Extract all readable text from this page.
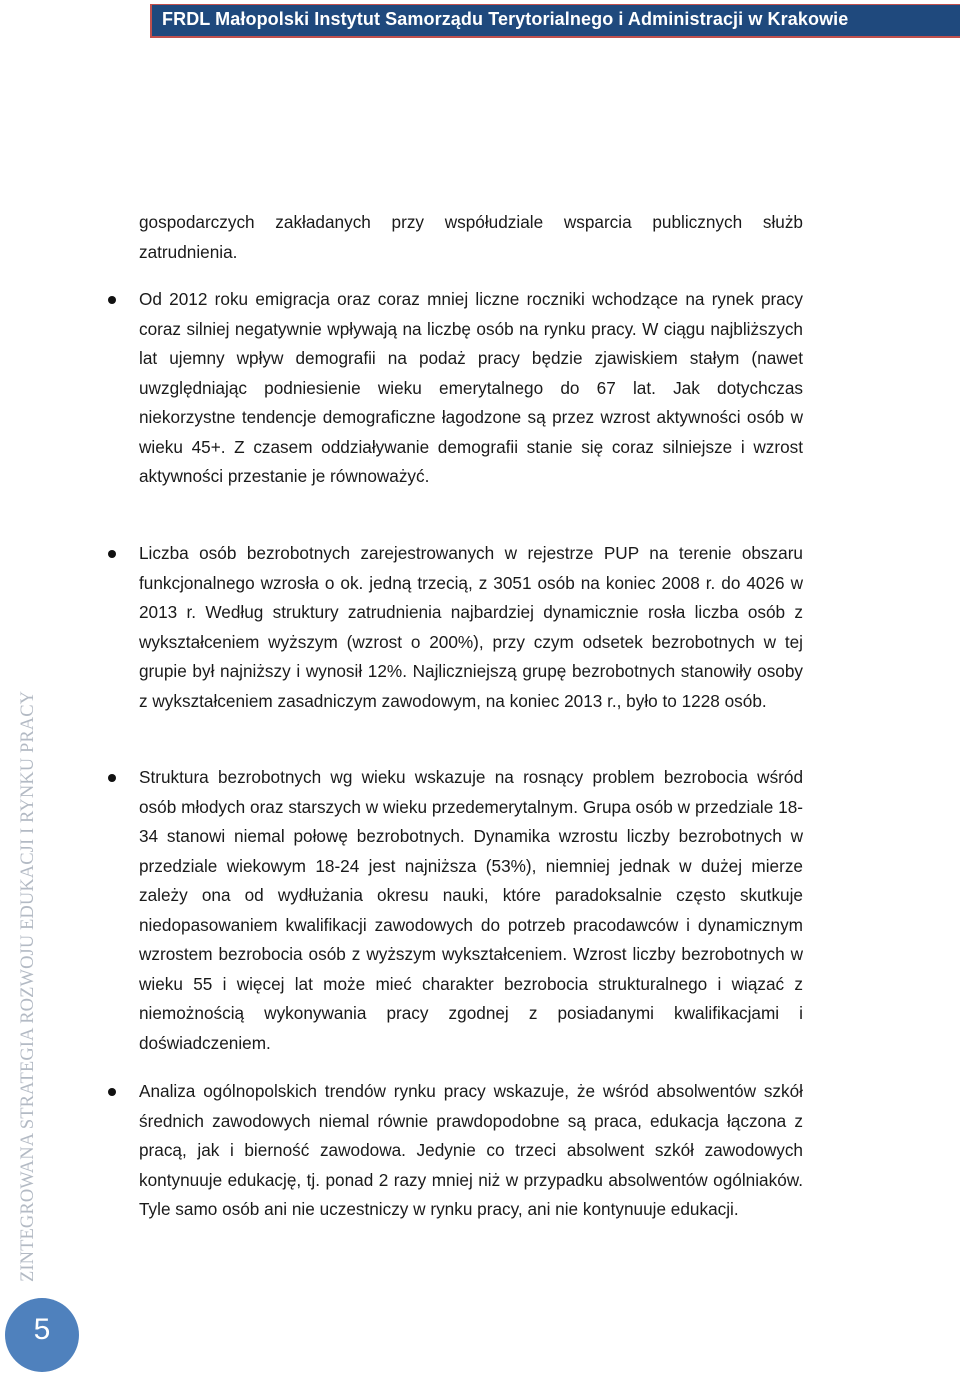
FRDL Małopolski Instytut Samorządu Terytorialnego i Administracji w Krakowie

gospodarczych zakładanych przy współudziale wsparcia publicznych służb zatrudnienia.

Od 2012 roku emigracja oraz coraz mniej liczne roczniki wchodzące na rynek pracy coraz silniej negatywnie wpływają na liczbę osób na rynku pracy. W ciągu najbliższych lat ujemny wpływ demografii na podaż pracy będzie zjawiskiem stałym (nawet uwzględniając podniesienie wieku emerytalnego do 67 lat. Jak dotychczas niekorzystne tendencje demograficzne łagodzone są przez wzrost aktywności osób w wieku 45+. Z czasem oddziaływanie demografii stanie się coraz silniejsze i wzrost aktywności przestanie je równoważyć.

Liczba osób bezrobotnych zarejestrowanych w rejestrze PUP na terenie obszaru funkcjonalnego wzrosła o ok. jedną trzecią, z 3051 osób na koniec 2008 r. do 4026 w 2013 r. Według struktury zatrudnienia najbardziej dynamicznie rosła liczba osób z wykształceniem wyższym (wzrost o 200%), przy czym odsetek bezrobotnych w tej grupie był najniższy i wynosił 12%. Najliczniejszą grupę bezrobotnych stanowiły osoby z wykształceniem zasadniczym zawodowym, na koniec 2013 r., było to 1228 osób.

Struktura bezrobotnych wg wieku wskazuje na rosnący problem bezrobocia wśród osób młodych oraz starszych w wieku przedemerytalnym. Grupa osób w przedziale 18-34 stanowi niemal połowę bezrobotnych. Dynamika wzrostu liczby bezrobotnych w przedziale wiekowym 18-24 jest najniższa (53%), niemniej jednak w dużej mierze zależy ona od wydłużania okresu nauki, które paradoksalnie często skutkuje niedopasowaniem kwalifikacji zawodowych do potrzeb pracodawców i dynamicznym wzrostem bezrobocia osób z wyższym wykształceniem. Wzrost liczby bezrobotnych w wieku 55 i więcej lat może mieć charakter bezrobocia strukturalnego i wiązać z niemożnością wykonywania pracy zgodnej z posiadanymi kwalifikacjami i doświadczeniem.

Analiza ogólnopolskich trendów rynku pracy wskazuje, że wśród absolwentów szkół średnich zawodowych niemal równie prawdopodobne są praca, edukacja łączona z pracą, jak i bierność zawodowa. Jedynie co trzeci absolwent szkół zawodowych kontynuuje edukację, tj. ponad 2 razy mniej niż w przypadku absolwentów ogólniaków. Tyle samo osób ani nie uczestniczy w rynku pracy, ani nie kontynuuje edukacji.

ZINTEGROWANA STRATEGIA ROZWOJU EDUKACJI I RYNKU PRACY
5
